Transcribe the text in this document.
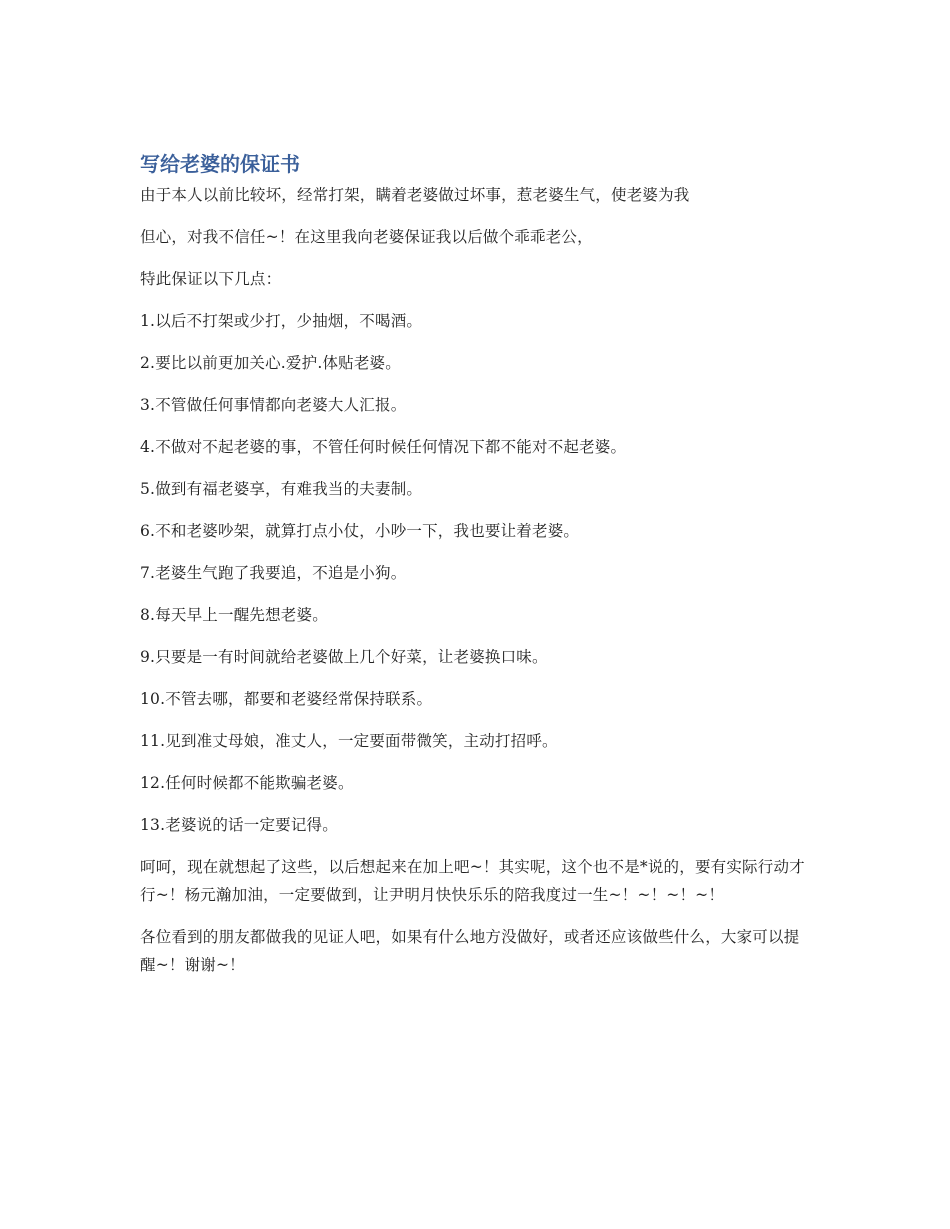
写给老婆的保证书

由于本人以前比较坏，经常打架，瞒着老婆做过坏事，惹老婆生气，使老婆为我

但心，对我不信任~！在这里我向老婆保证我以后做个乖乖老公，

特此保证以下几点：

1.以后不打架或少打，少抽烟，不喝酒。

2.要比以前更加关心.爱护.体贴老婆。

3.不管做任何事情都向老婆大人汇报。

4.不做对不起老婆的事，不管任何时候任何情况下都不能对不起老婆。

5.做到有福老婆享，有难我当的夫妻制。

6.不和老婆吵架，就算打点小仗，小吵一下，我也要让着老婆。

7.老婆生气跑了我要追，不追是小狗。

8.每天早上一醒先想老婆。

9.只要是一有时间就给老婆做上几个好菜，让老婆换口味。

10.不管去哪，都要和老婆经常保持联系。

11.见到准丈母娘，准丈人，一定要面带微笑，主动打招呼。

12.任何时候都不能欺骗老婆。

13.老婆说的话一定要记得。

呵呵，现在就想起了这些，以后想起来在加上吧~！其实呢，这个也不是*说的，要有实际行动才行~！杨元瀚加油，一定要做到，让尹明月快快乐乐的陪我度过一生~！~！~！~！

各位看到的朋友都做我的见证人吧，如果有什么地方没做好，或者还应该做些什么，大家可以提醒~！谢谢~！
